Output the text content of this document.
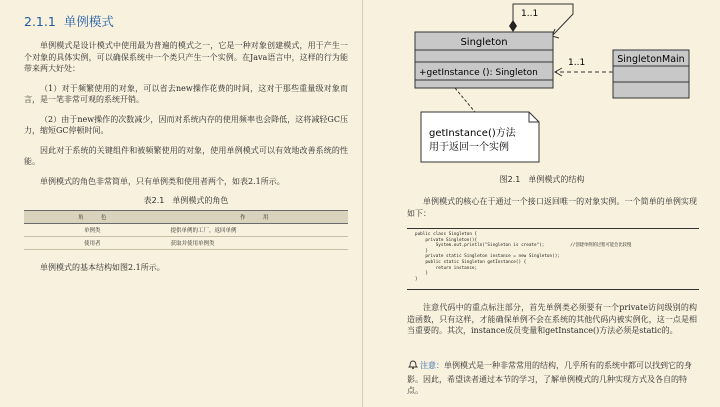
2.1.1 单例模式

单例模式是设计模式中使用最为普遍的模式之一，它是一种对象创建模式，用于产生一个对象的具体实例，可以确保系统中一个类只产生一个实例。在Java语言中，这样的行为能带来两大好处：

（1）对于频繁使用的对象，可以省去new操作花费的时间，这对于那些重量级对象而言，是一笔非常可观的系统开销。

（2）由于new操作的次数减少，因而对系统内存的使用频率也会降低，这将减轻GC压力，缩短GC停顿时间。

因此对于系统的关键组件和被频繁使用的对象，使用单例模式可以有效地改善系统的性能。

单例模式的角色非常简单，只有单例类和使用者两个，如表2.1所示。

表2.1　单例模式的角色
角　色	作　用
单例类	提供单例的工厂，返回单例
使用者	获取并使用单例类

单例模式的基本结构如图2.1所示。

1..1
Singleton
+getInstance (): Singleton
SingletonMain
1..1
getInstance()方法
用于返回一个实例
图2.1　单例模式的结构

单例模式的核心在于通过一个接口返回唯一的对象实例。一个简单的单例实现如下：

public class Singleton {
private Singleton(){
System.out.println("Singleton is create");          //创建单例的过程可能会比较慢
}
private static Singleton instance = new Singleton();
public static Singleton getInstance() {
return instance;
}
}

注意代码中的重点标注部分，首先单例类必须要有一个private访问级别的构造函数，只有这样，才能确保单例不会在系统的其他代码内被实例化，这一点是相当重要的。其次，instance成员变量和getInstance()方法必须是static的。

注意：单例模式是一种非常常用的结构，几乎所有的系统中都可以找到它的身影。因此，希望读者通过本节的学习，了解单例模式的几种实现方式及各自的特点。
